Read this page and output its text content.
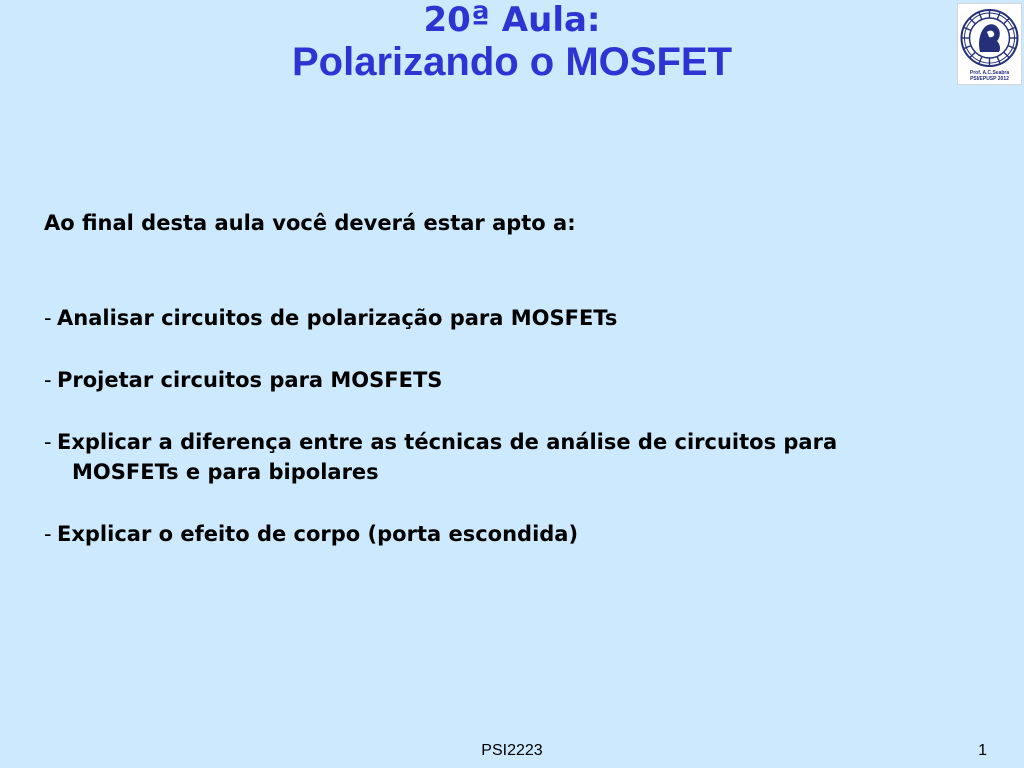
20ª Aula:
Polarizando o MOSFET	Prof. A.C.Seabra
PSI/EPUSP 2012
Ao final desta aula você deverá estar apto a:
- Analisar circuitos de polarização para MOSFETs
- Projetar circuitos para MOSFETS
- Explicar a diferença entre as técnicas de análise de circuitos para
MOSFETs e para bipolares
- Explicar o efeito de corpo (porta escondida)
PSI2223	1
